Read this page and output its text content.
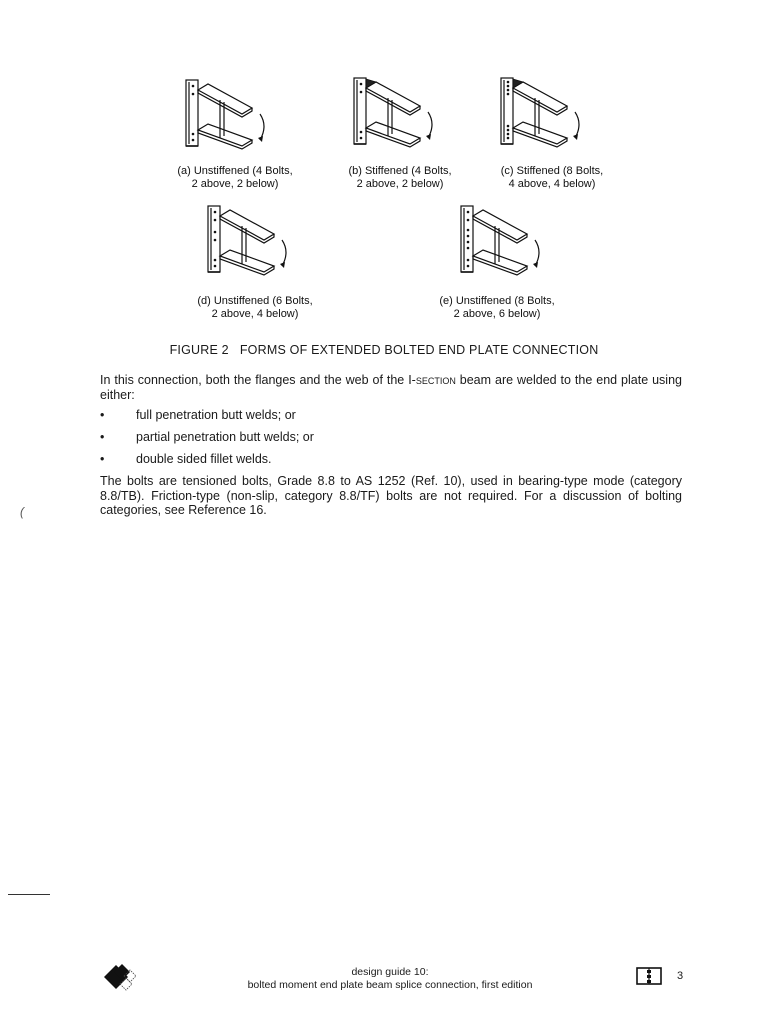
(a) Unstiffened (4 Bolts,
2 above, 2 below)
(b) Stiffened (4 Bolts,
2 above, 2 below)
(c) Stiffened (8 Bolts,
4 above, 4 below)
(d) Unstiffened (6 Bolts,
2 above, 4 below)
(e) Unstiffened (8 Bolts,
2 above, 6 below)
FIGURE 2   FORMS OF EXTENDED BOLTED END PLATE CONNECTION
In this connection, both the flanges and the web of the I-section beam are welded to the end plate using either:
•	full penetration butt welds; or
•	partial penetration butt welds; or
•	double sided fillet welds.
The bolts are tensioned bolts, Grade 8.8 to AS 1252 (Ref. 10), used in bearing-type mode (category 8.8/TB). Friction-type (non-slip, category 8.8/TF) bolts are not required. For a discussion of bolting categories, see Reference 16.
(
design guide 10:
bolted moment end plate beam splice connection, first edition
3
